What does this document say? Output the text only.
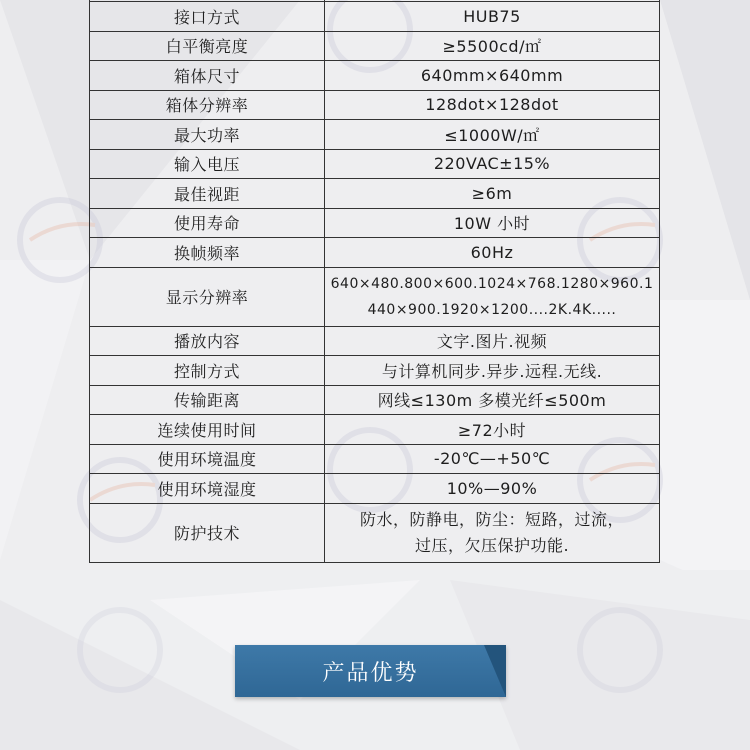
接口方式	HUB75
白平衡亮度	≥5500cd/㎡
箱体尺寸	640mm×640mm
箱体分辨率	128dot×128dot
最大功率	≤1000W/㎡
输入电压	220VAC±15%
最佳视距	≥6m
使用寿命	10W 小时
换帧频率	60Hz
显示分辨率	640×480.800×600.1024×768.1280×960.1
440×900.1920×1200....2K.4K.....

播放内容	文字.图片.视频
控制方式	与计算机同步.异步.远程.无线.
传输距离	网线≤130m 多模光纤≤500m
连续使用时间	≥72小时
使用环境温度	-20℃—+50℃
使用环境湿度	10%—90%
防护技术	防水，防静电，防尘：短路，过流，
过压，欠压保护功能.
产品优势
